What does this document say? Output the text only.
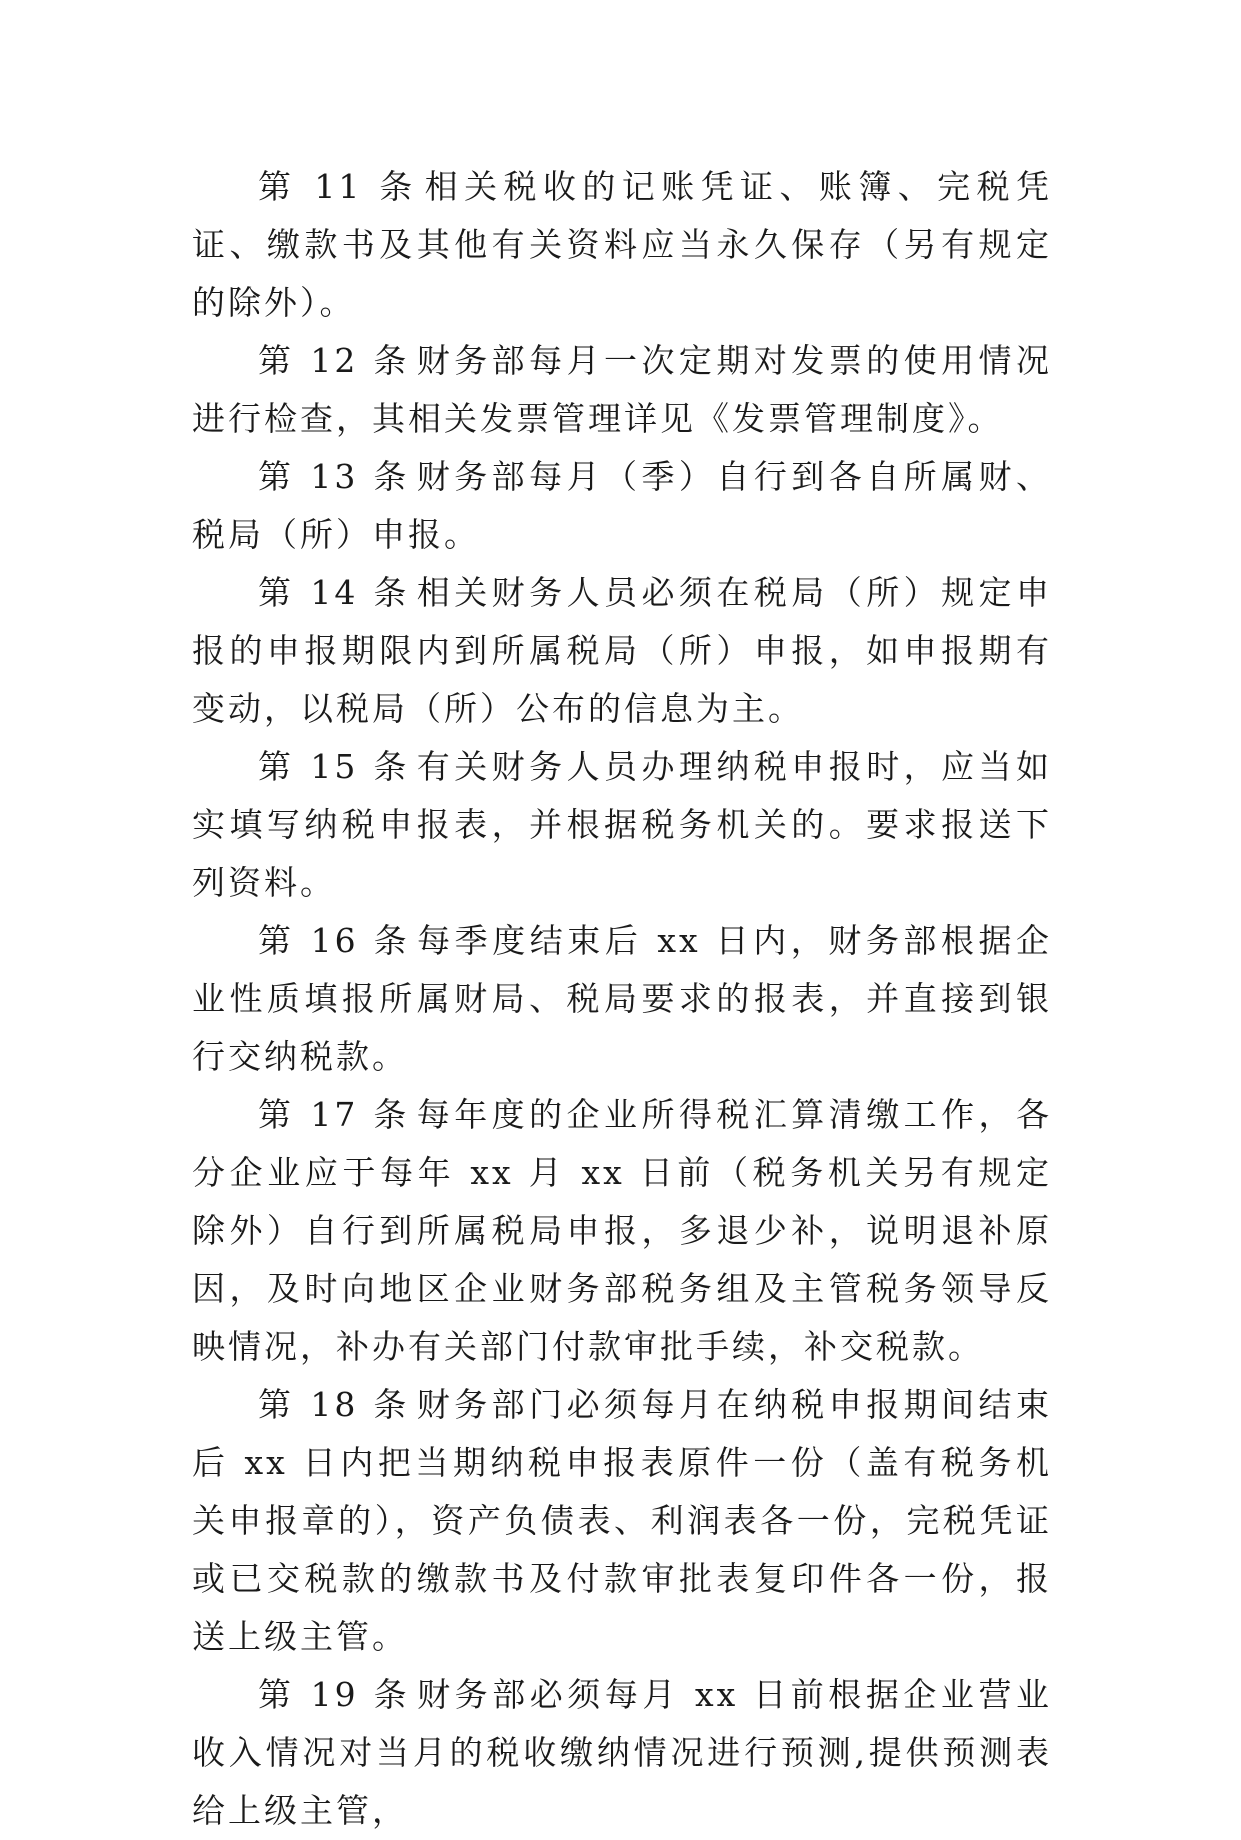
第 11 条 相关税收的记账凭证、账簿、完税凭证、缴款书及其他有关资料应当永久保存（另有规定的除外）。

第 12 条 财务部每月一次定期对发票的使用情况进行检查，其相关发票管理详见《发票管理制度》。

第 13 条 财务部每月（季）自行到各自所属财、税局（所）申报。

第 14 条 相关财务人员必须在税局（所）规定申报的申报期限内到所属税局（所）申报，如申报期有变动，以税局（所）公布的信息为主。

第 15 条 有关财务人员办理纳税申报时，应当如实填写纳税申报表，并根据税务机关的。要求报送下列资料。

第 16 条 每季度结束后 xx 日内，财务部根据企业性质填报所属财局、税局要求的报表，并直接到银行交纳税款。

第 17 条 每年度的企业所得税汇算清缴工作，各分企业应于每年 xx 月 xx 日前（税务机关另有规定除外）自行到所属税局申报，多退少补，说明退补原因，及时向地区企业财务部税务组及主管税务领导反映情况，补办有关部门付款审批手续，补交税款。

第 18 条 财务部门必须每月在纳税申报期间结束后 xx 日内把当期纳税申报表原件一份（盖有税务机关申报章的），资产负债表、利润表各一份，完税凭证或已交税款的缴款书及付款审批表复印件各一份，报送上级主管。

第 19 条 财务部必须每月 xx 日前根据企业营业收入情况对当月的税收缴纳情况进行预测,提供预测表给上级主管，
